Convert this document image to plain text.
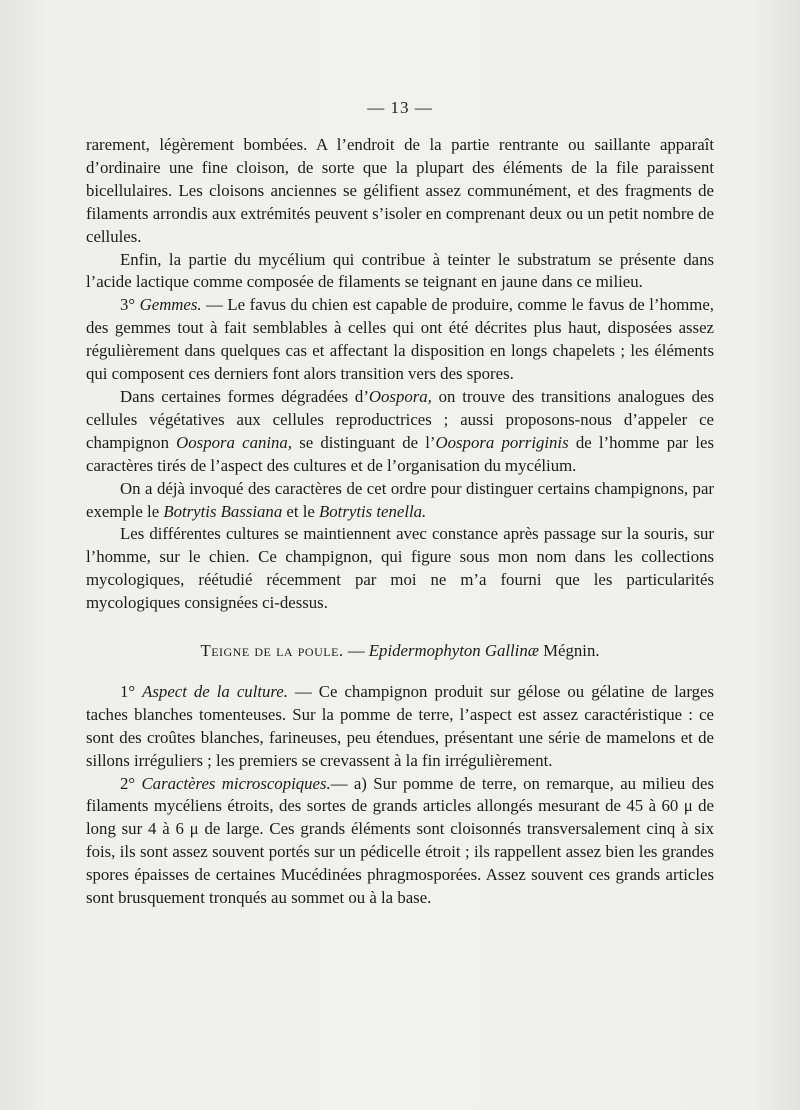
— 13 —

rarement, légèrement bombées. A l’endroit de la partie rentrante ou saillante apparaît d’ordinaire une fine cloison, de sorte que la plupart des éléments de la file paraissent bicellulaires. Les cloisons anciennes se gélifient assez communément, et des fragments de filaments arrondis aux extrémités peuvent s’isoler en comprenant deux ou un petit nombre de cellules.

Enfin, la partie du mycélium qui contribue à teinter le substratum se présente dans l’acide lactique comme composée de filaments se teignant en jaune dans ce milieu.

3° Gemmes. — Le favus du chien est capable de produire, comme le favus de l’homme, des gemmes tout à fait semblables à celles qui ont été décrites plus haut, disposées assez régulièrement dans quelques cas et affectant la disposition en longs chapelets ; les éléments qui composent ces derniers font alors transition vers des spores.

Dans certaines formes dégradées d’Oospora, on trouve des transitions analogues des cellules végétatives aux cellules reproductrices ; aussi proposons-nous d’appeler ce champignon Oospora canina, se distinguant de l’Oospora porriginis de l’homme par les caractères tirés de l’aspect des cultures et de l’organisation du mycélium.

On a déjà invoqué des caractères de cet ordre pour distinguer certains champignons, par exemple le Botrytis Bassiana et le Botrytis tenella.

Les différentes cultures se maintiennent avec constance après passage sur la souris, sur l’homme, sur le chien. Ce champignon, qui figure sous mon nom dans les collections mycologiques, réétudié récemment par moi ne m’a fourni que les particularités mycologiques consignées ci-dessus.

Teigne de la poule. — Epidermophyton Gallinæ Mégnin.

1° Aspect de la culture. — Ce champignon produit sur gélose ou gélatine de larges taches blanches tomenteuses. Sur la pomme de terre, l’aspect est assez caractéristique : ce sont des croûtes blanches, farineuses, peu étendues, présentant une série de mamelons et de sillons irréguliers ; les premiers se crevassent à la fin irrégulièrement.

2° Caractères microscopiques.— a) Sur pomme de terre, on remarque, au milieu des filaments mycéliens étroits, des sortes de grands articles allongés mesurant de 45 à 60 μ de long sur 4 à 6 μ de large. Ces grands éléments sont cloisonnés transversalement cinq à six fois, ils sont assez souvent portés sur un pédicelle étroit ; ils rappellent assez bien les grandes spores épaisses de certaines Mucédinées phragmosporées. Assez souvent ces grands articles sont brusquement tronqués au sommet ou à la base.
